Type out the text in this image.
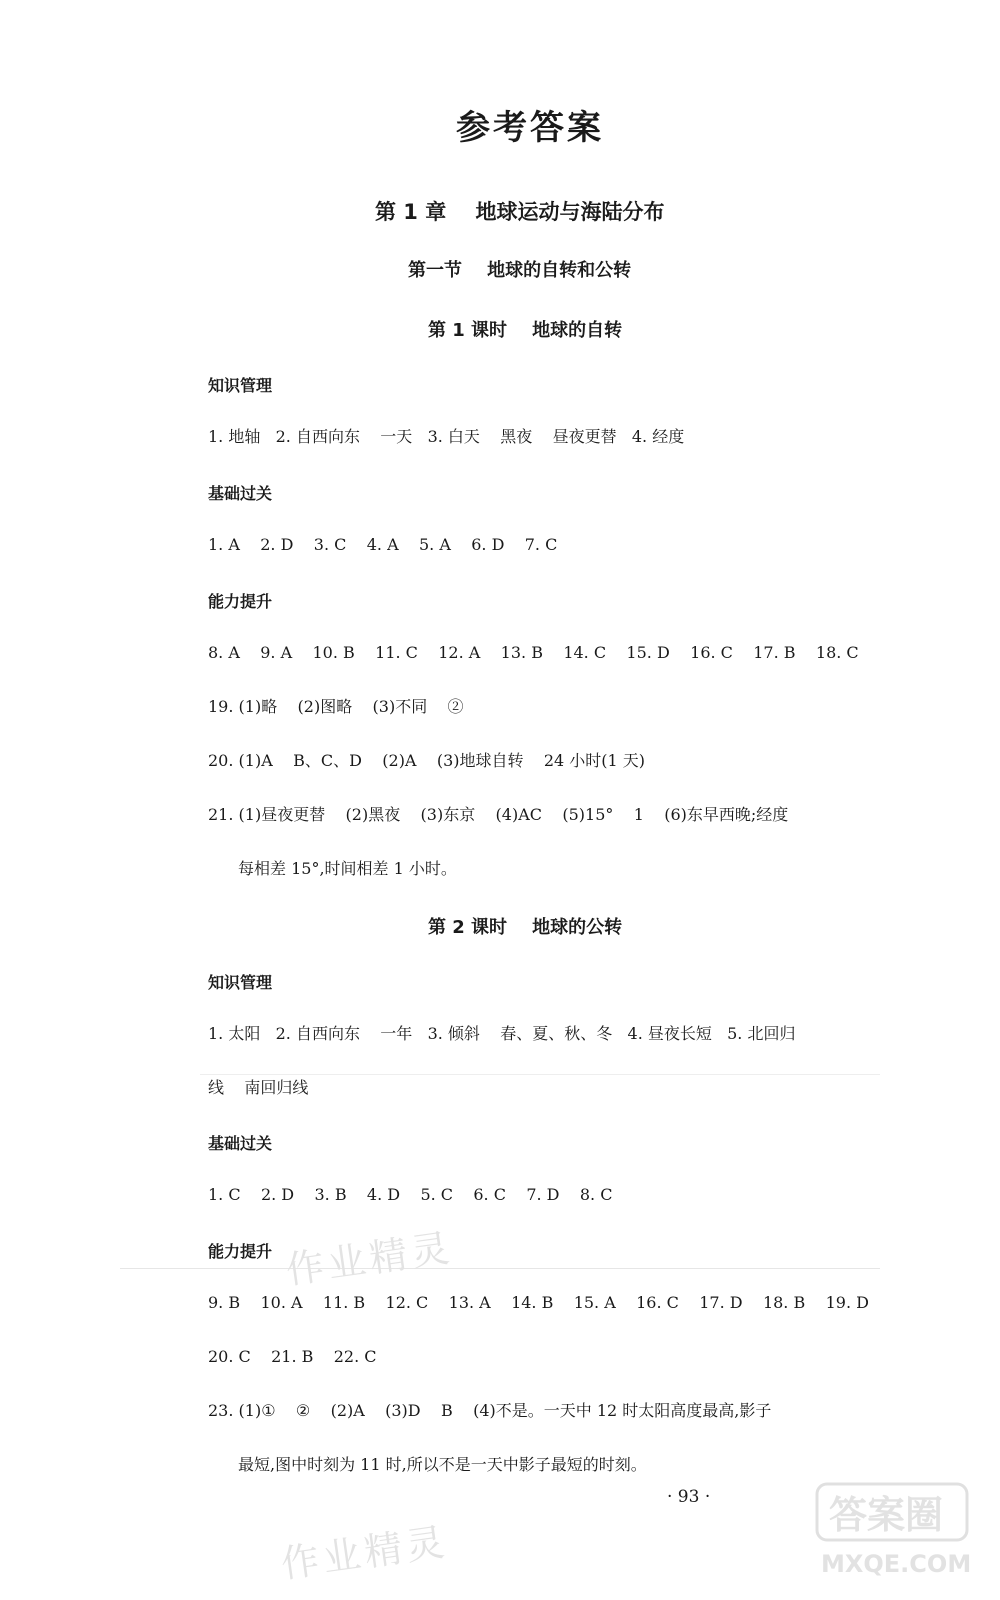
参考答案
第 1 章    地球运动与海陆分布
第一节    地球的自转和公转
第 1 课时    地球的自转
知识管理
1. 地轴   2. 自西向东    一天   3. 白天    黑夜    昼夜更替   4. 经度
基础过关
1. A    2. D    3. C    4. A    5. A    6. D    7. C
能力提升
8. A    9. A    10. B    11. C    12. A    13. B    14. C    15. D    16. C    17. B    18. C
19. (1)略    (2)图略    (3)不同    ②
20. (1)A    B、C、D    (2)A    (3)地球自转    24 小时(1 天)
21. (1)昼夜更替    (2)黑夜    (3)东京    (4)AC    (5)15°    1    (6)东早西晚;经度
每相差 15°,时间相差 1 小时。
第 2 课时    地球的公转
知识管理
1. 太阳   2. 自西向东    一年   3. 倾斜    春、夏、秋、冬   4. 昼夜长短   5. 北回归
线    南回归线
基础过关
1. C    2. D    3. B    4. D    5. C    6. C    7. D    8. C
能力提升
9. B    10. A    11. B    12. C    13. A    14. B    15. A    16. C    17. D    18. B    19. D
20. C    21. B    22. C
23. (1)①    ②    (2)A    (3)D    B    (4)不是。一天中 12 时太阳高度最高,影子
最短,图中时刻为 11 时,所以不是一天中影子最短的时刻。
· 93 ·
作业精灵
作业精灵
答案圈
MXQE.COM
